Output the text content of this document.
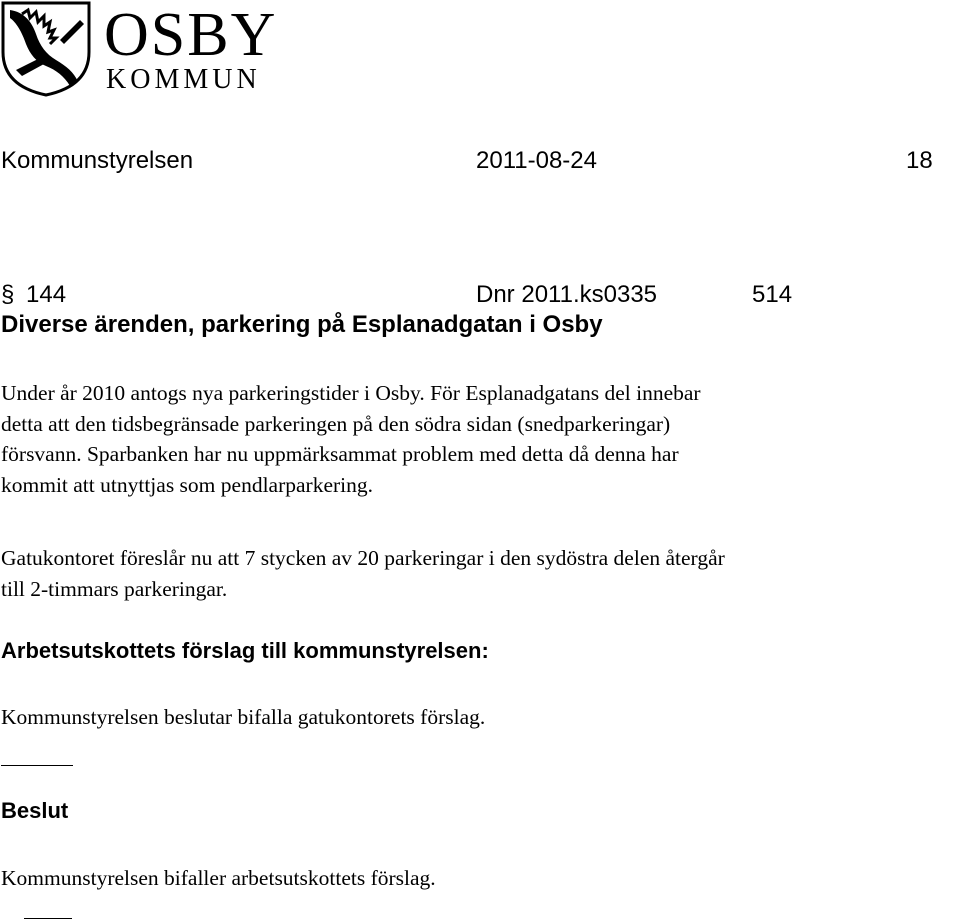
OSBY
KOMMUN
Kommunstyrelsen	2011-08-24	18
§ 144	Dnr 2011.ks0335	514
Diverse ärenden, parkering på Esplanadgatan i Osby
Under år 2010 antogs nya parkeringstider i Osby. För Esplanadgatans del innebar
detta att den tidsbegränsade parkeringen på den södra sidan (snedparkeringar)
försvann. Sparbanken har nu uppmärksammat problem med detta då denna har
kommit att utnyttjas som pendlarparkering.
Gatukontoret föreslår nu att 7 stycken av 20 parkeringar i den sydöstra delen återgår
till 2-timmars parkeringar.
Arbetsutskottets förslag till kommunstyrelsen:
Kommunstyrelsen beslutar bifalla gatukontorets förslag.
Beslut
Kommunstyrelsen bifaller arbetsutskottets förslag.
